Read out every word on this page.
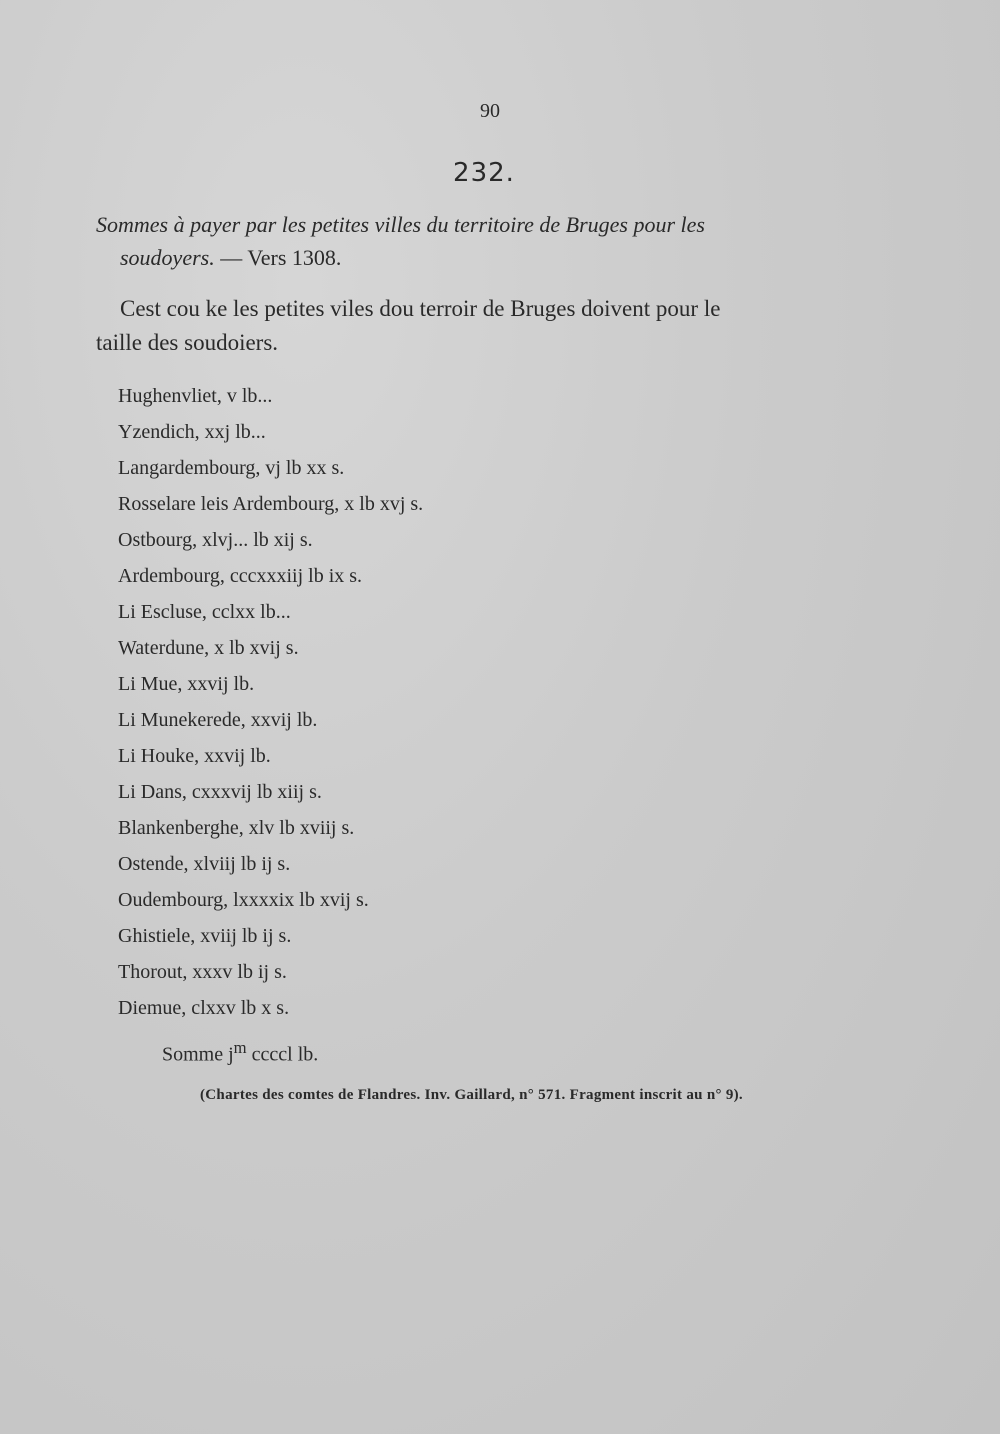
90
232.
Sommes à payer par les petites villes du territoire de Bruges pour les
soudoyers. — Vers 1308.
Cest cou ke les petites viles dou terroir de Bruges doivent pour le
taille des soudoiers.
Hughenvliet, v lb...
Yzendich, xxj lb...
Langardembourg, vj lb xx s.
Rosselare leis Ardembourg, x lb xvj s.
Ostbourg, xlvj... lb xij s.
Ardembourg, cccxxxiij lb ix s.
Li Escluse, cclxx lb...
Waterdune, x lb xvij s.
Li Mue, xxvij lb.
Li Munekerede, xxvij lb.
Li Houke, xxvij lb.
Li Dans, cxxxvij lb xiij s.
Blankenberghe, xlv lb xviij s.
Ostende, xlviij lb ij s.
Oudembourg, lxxxxix lb xvij s.
Ghistiele, xviij lb ij s.
Thorout, xxxv lb ij s.
Diemue, clxxv lb x s.
Somme $j^m$ ccccl lb.
(Chartes des comtes de Flandres. Inv. Gaillard, n° 571. Fragment inscrit au n° 9).
